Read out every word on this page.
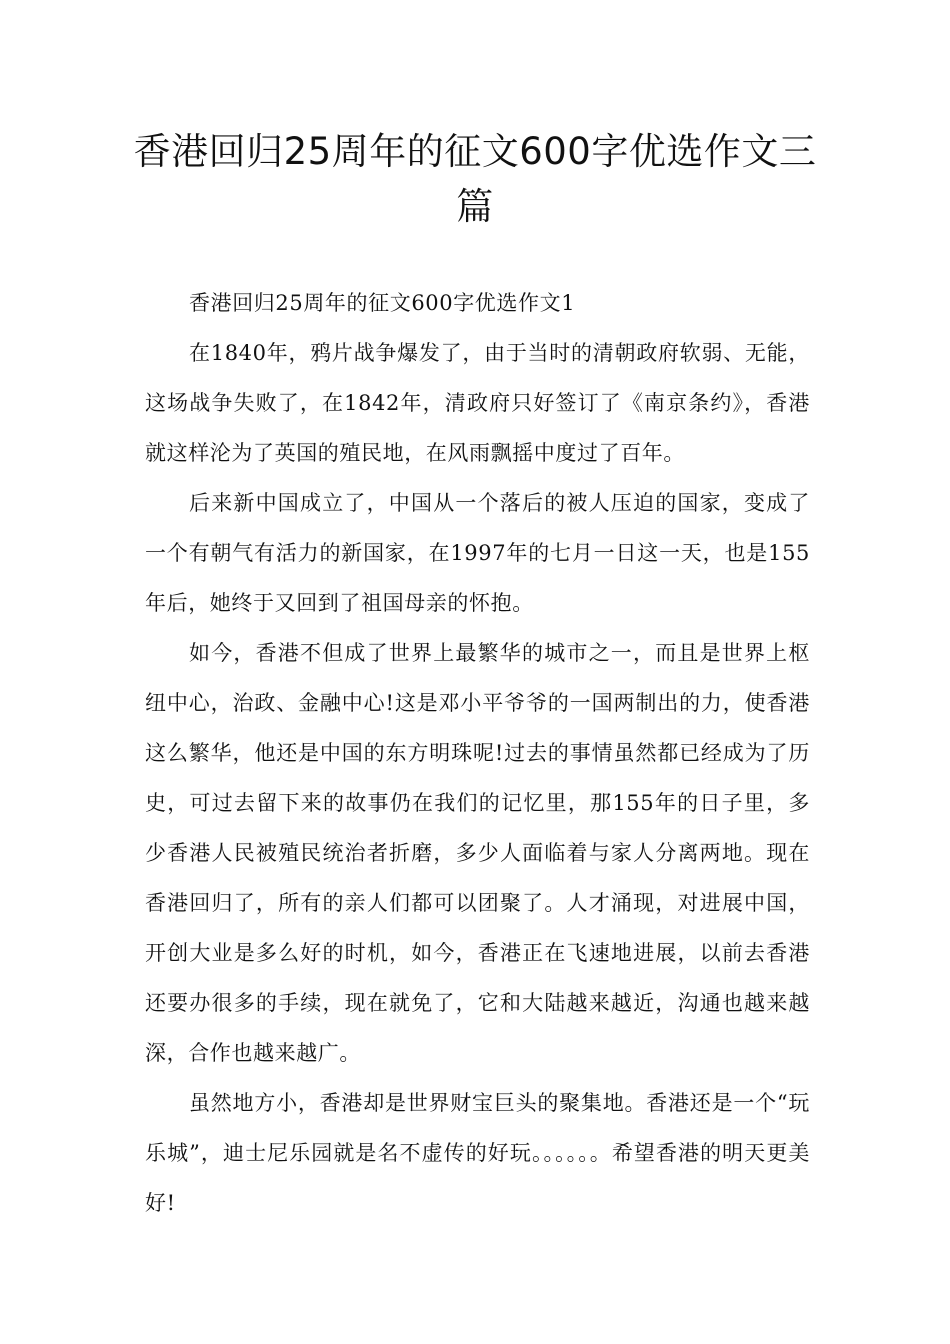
香港回归25周年的征文600字优选作文三篇

香港回归25周年的征文600字优选作文1

在1840年，鸦片战争爆发了，由于当时的清朝政府软弱、无能，这场战争失败了，在1842年，清政府只好签订了《南京条约》，香港就这样沦为了英国的殖民地，在风雨飘摇中度过了百年。

后来新中国成立了，中国从一个落后的被人压迫的国家，变成了一个有朝气有活力的新国家，在1997年的七月一日这一天，也是155年后，她终于又回到了祖国母亲的怀抱。

如今，香港不但成了世界上最繁华的城市之一，而且是世界上枢纽中心，治政、金融中心!这是邓小平爷爷的一国两制出的力，使香港这么繁华，他还是中国的东方明珠呢!过去的事情虽然都已经成为了历史，可过去留下来的故事仍在我们的记忆里，那155年的日子里，多少香港人民被殖民统治者折磨，多少人面临着与家人分离两地。现在香港回归了，所有的亲人们都可以团聚了。人才涌现，对进展中国，开创大业是多么好的时机，如今，香港正在飞速地进展，以前去香港还要办很多的手续，现在就免了，它和大陆越来越近，沟通也越来越深，合作也越来越广。

虽然地方小，香港却是世界财宝巨头的聚集地。香港还是一个“玩乐城”，迪士尼乐园就是名不虚传的好玩。。。。。。希望香港的明天更美好!
